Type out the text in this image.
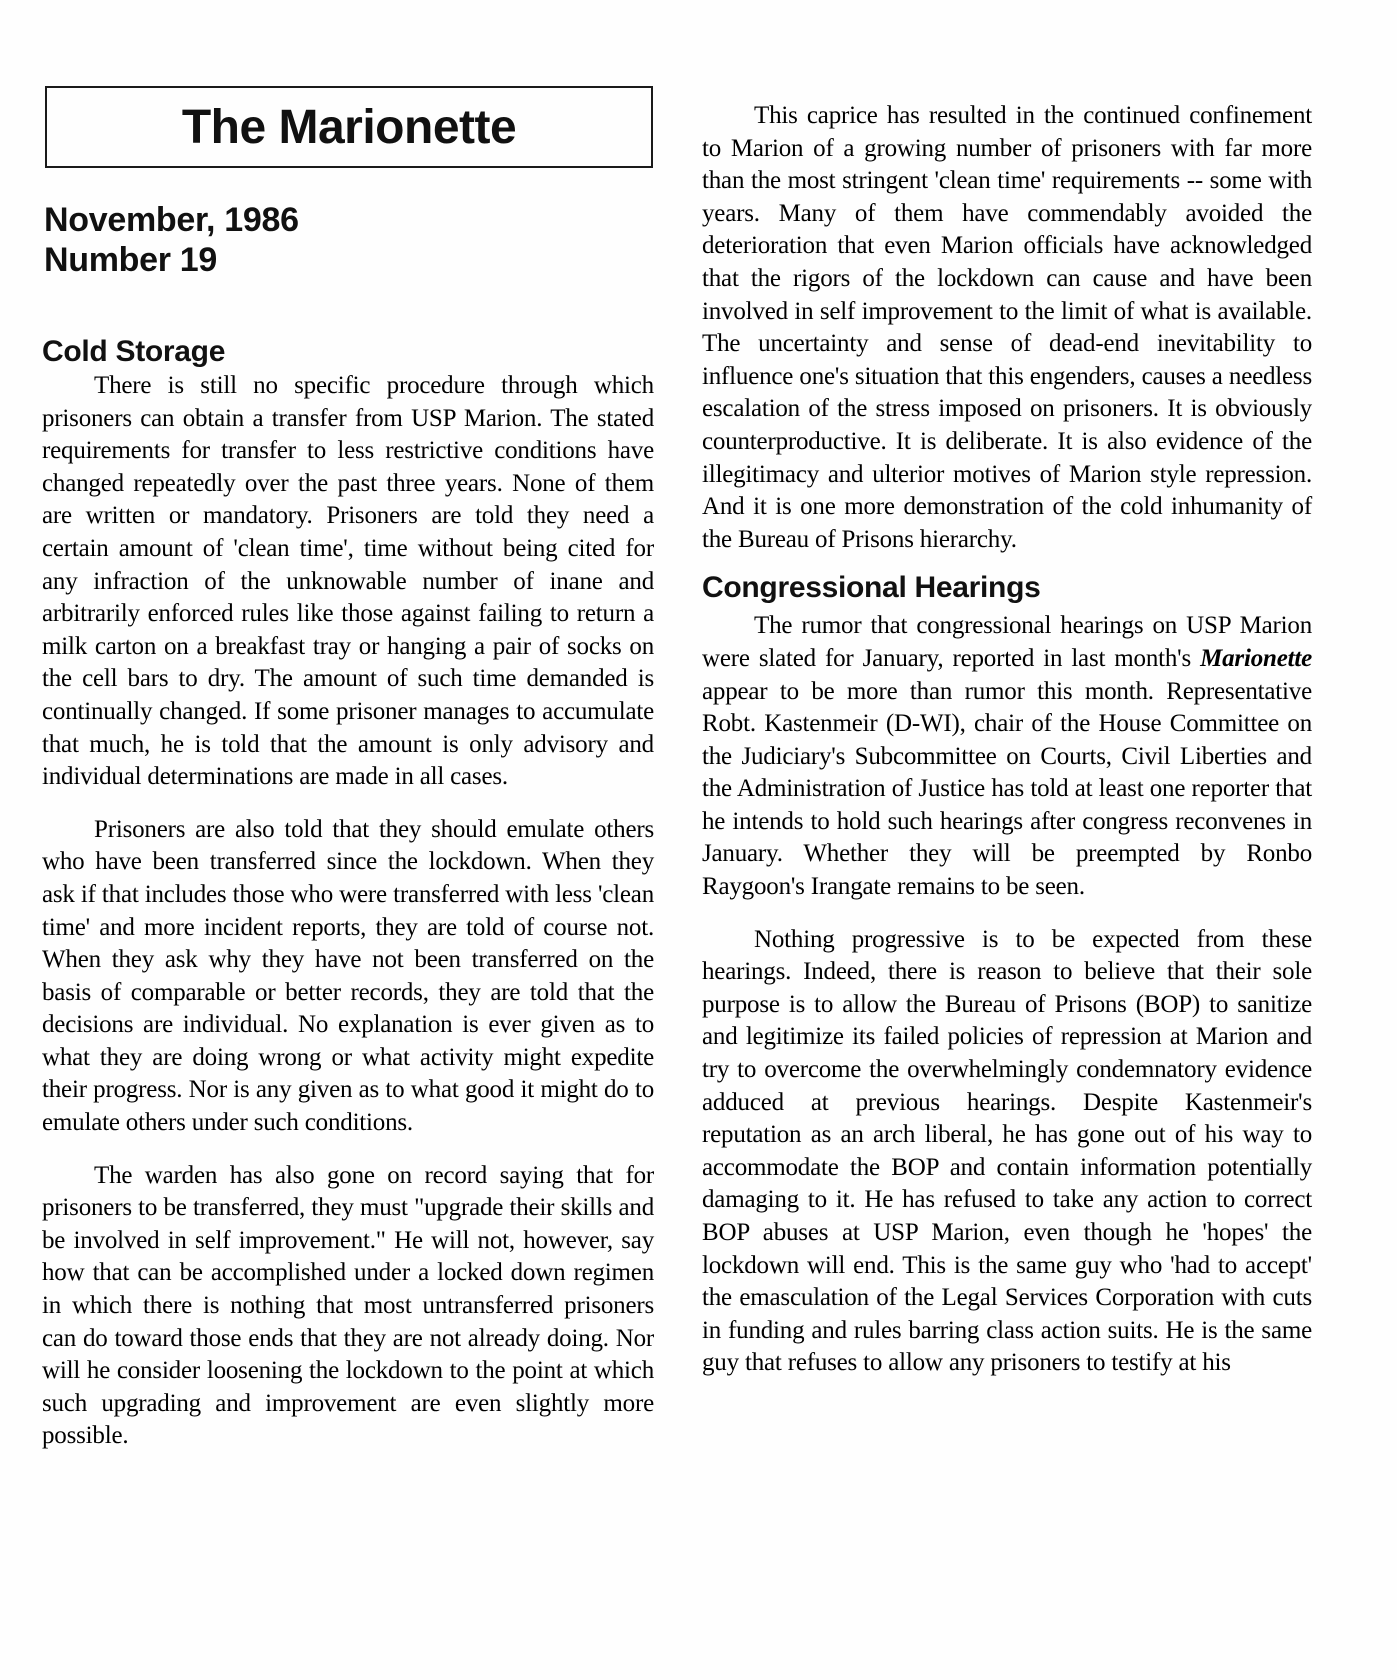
The Marionette
November, 1986
Number 19
Cold Storage

There is still no specific procedure through which prisoners can obtain a transfer from USP Marion. The stated requirements for transfer to less restrictive conditions have changed repeatedly over the past three years. None of them are written or mandatory. Prisoners are told they need a certain amount of 'clean time', time without being cited for any infraction of the unknowable number of inane and arbitrarily enforced rules like those against failing to return a milk carton on a breakfast tray or hanging a pair of socks on the cell bars to dry. The amount of such time demanded is continually changed. If some prisoner manages to accumulate that much, he is told that the amount is only advisory and individual determinations are made in all cases.

Prisoners are also told that they should emulate others who have been transferred since the lockdown. When they ask if that includes those who were transferred with less 'clean time' and more incident reports, they are told of course not. When they ask why they have not been transferred on the basis of comparable or better records, they are told that the decisions are individual. No explanation is ever given as to what they are doing wrong or what activity might expedite their progress. Nor is any given as to what good it might do to emulate others under such conditions.

The warden has also gone on record saying that for prisoners to be transferred, they must "upgrade their skills and be involved in self improvement." He will not, however, say how that can be accomplished under a locked down regimen in which there is nothing that most untransferred prisoners can do toward those ends that they are not already doing. Nor will he consider loosening the lockdown to the point at which such upgrading and improvement are even slightly more possible.

This caprice has resulted in the continued confinement to Marion of a growing number of prisoners with far more than the most stringent 'clean time' requirements -- some with years. Many of them have commendably avoided the deterioration that even Marion officials have acknowledged that the rigors of the lockdown can cause and have been involved in self improvement to the limit of what is available. The uncertainty and sense of dead-end inevitability to influence one's situation that this engenders, causes a needless escalation of the stress imposed on prisoners. It is obviously counterproductive. It is deliberate. It is also evidence of the illegitimacy and ulterior motives of Marion style repression. And it is one more demonstration of the cold inhumanity of the Bureau of Prisons hierarchy.

Congressional Hearings

The rumor that congressional hearings on USP Marion were slated for January, reported in last month's Marionette appear to be more than rumor this month. Representative Robt. Kastenmeir (D-WI), chair of the House Committee on the Judiciary's Subcommittee on Courts, Civil Liberties and the Administration of Justice has told at least one reporter that he intends to hold such hearings after congress reconvenes in January. Whether they will be preempted by Ronbo Raygoon's Irangate remains to be seen.

Nothing progressive is to be expected from these hearings. Indeed, there is reason to believe that their sole purpose is to allow the Bureau of Prisons (BOP) to sanitize and legitimize its failed policies of repression at Marion and try to overcome the overwhelmingly condemnatory evidence adduced at previous hearings. Despite Kastenmeir's reputation as an arch liberal, he has gone out of his way to accommodate the BOP and contain information potentially damaging to it. He has refused to take any action to correct BOP abuses at USP Marion, even though he 'hopes' the lockdown will end. This is the same guy who 'had to accept' the emasculation of the Legal Services Corporation with cuts in funding and rules barring class action suits. He is the same guy that refuses to allow any prisoners to testify at his
